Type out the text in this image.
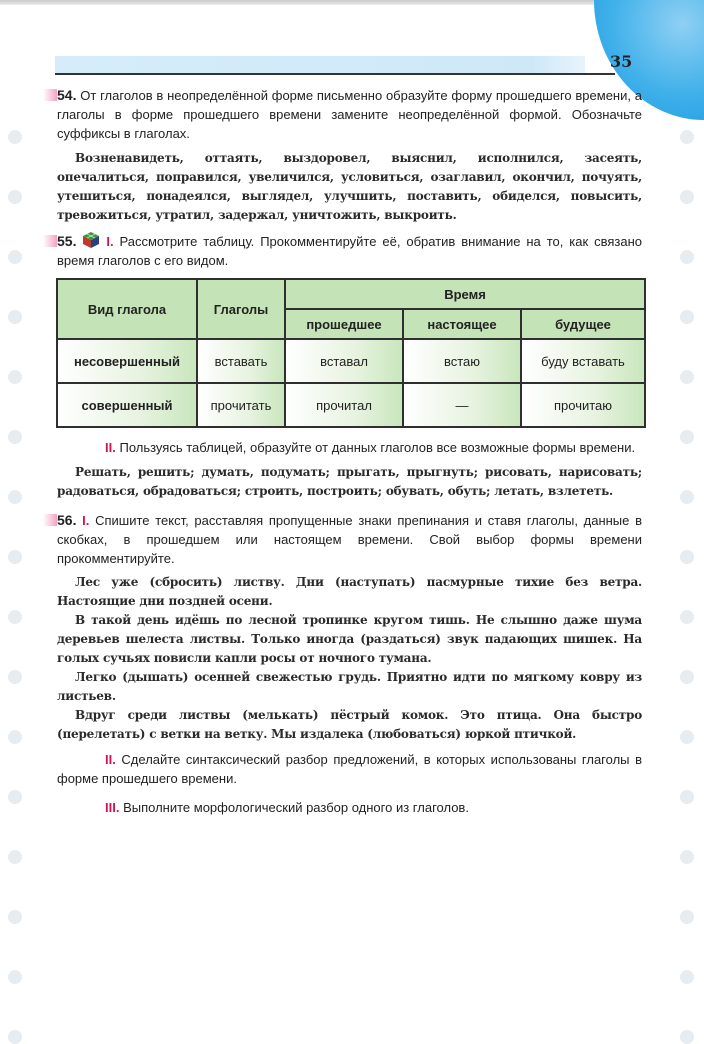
35

54. От глаголов в неопределённой форме письменно образуйте форму прошедшего времени, а глаголы в форме прошедшего времени замените неопределённой формой. Обозначьте суффиксы в глаголах.

Возненавидеть, оттаять, выздоровел, выяснил, исполнился, засеять, опечалиться, поправился, увеличился, условиться, озаглавил, окончил, почуять, утешиться, понадеялся, выглядел, улучшить, поставить, обиделся, повысить, тревожиться, утратил, задержал, уничтожить, выкроить.

55. I. Рассмотрите таблицу. Прокомментируйте её, обратив внимание на то, как связано время глаголов с его видом.

Вид глагола	Глаголы	Время		
		прошедшее	настоящее	будущее
несовершенный	вставать	вставал	встаю	буду вставать
совершенный	прочитать	прочитал	—	прочитаю

II. Пользуясь таблицей, образуйте от данных глаголов все возможные формы времени.

Решать, решить; думать, подумать; прыгать, прыгнуть; рисовать, нарисовать; радоваться, обрадоваться; строить, построить; обувать, обуть; летать, взлететь.

56. I. Спишите текст, расставляя пропущенные знаки препинания и ставя глаголы, данные в скобках, в прошедшем или настоящем времени. Свой выбор формы времени прокомментируйте.

Лес уже (сбросить) листву. Дни (наступать) пасмурные тихие без ветра. Настоящие дни поздней осени.

В такой день идёшь по лесной тропинке кругом тишь. Не слышно даже шума деревьев шелеста листвы. Только иногда (раздаться) звук падающих шишек. На голых сучьях повисли капли росы от ночного тумана.

Легко (дышать) осенней свежестью грудь. Приятно идти по мягкому ковру из листьев.

Вдруг среди листвы (мелькать) пёстрый комок. Это птица. Она быстро (перелетать) с ветки на ветку. Мы издалека (любоваться) юркой птичкой.

II. Сделайте синтаксический разбор предложений, в которых использованы глаголы в форме прошедшего времени.

III. Выполните морфологический разбор одного из глаголов.
